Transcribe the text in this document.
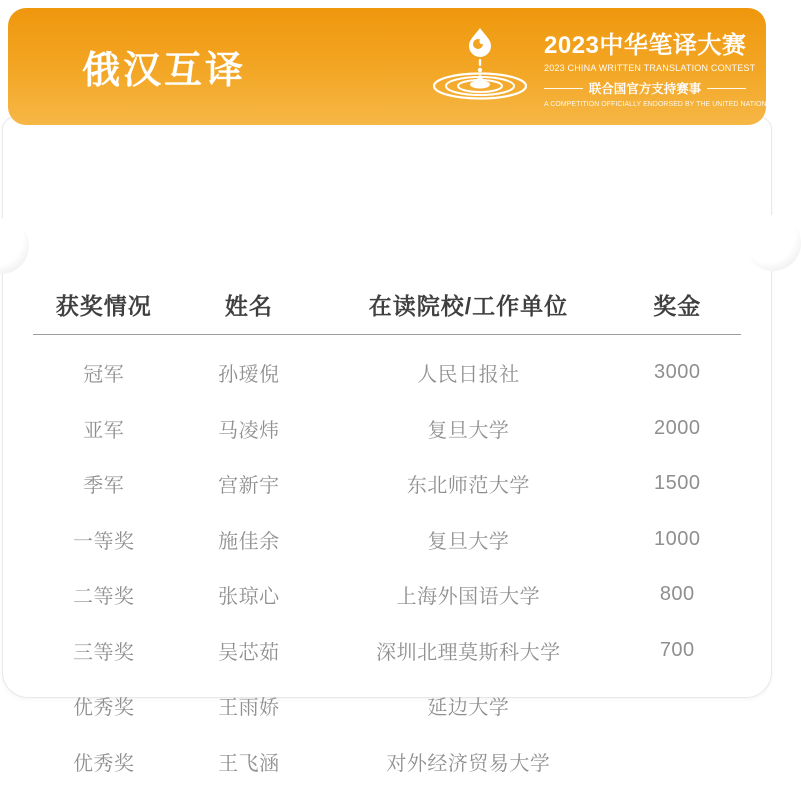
获奖情况	姓名	在读院校/工作单位	奖金
冠军	孙瑷倪	人民日报社	3000
亚军	马凌炜	复旦大学	2000
季军	宫新宇	东北师范大学	1500
一等奖	施佳余	复旦大学	1000
二等奖	张琼心	上海外国语大学	800
三等奖	吴芯茹	深圳北理莫斯科大学	700
优秀奖	王雨娇	延边大学
优秀奖	王飞涵	对外经济贸易大学
俄汉互译
2023中华笔译大赛
2023 CHINA WRITTEN TRANSLATION CONTEST
联合国官方支持赛事
A COMPETITION OFFICIALLY ENDORSED BY THE UNITED NATIONS
